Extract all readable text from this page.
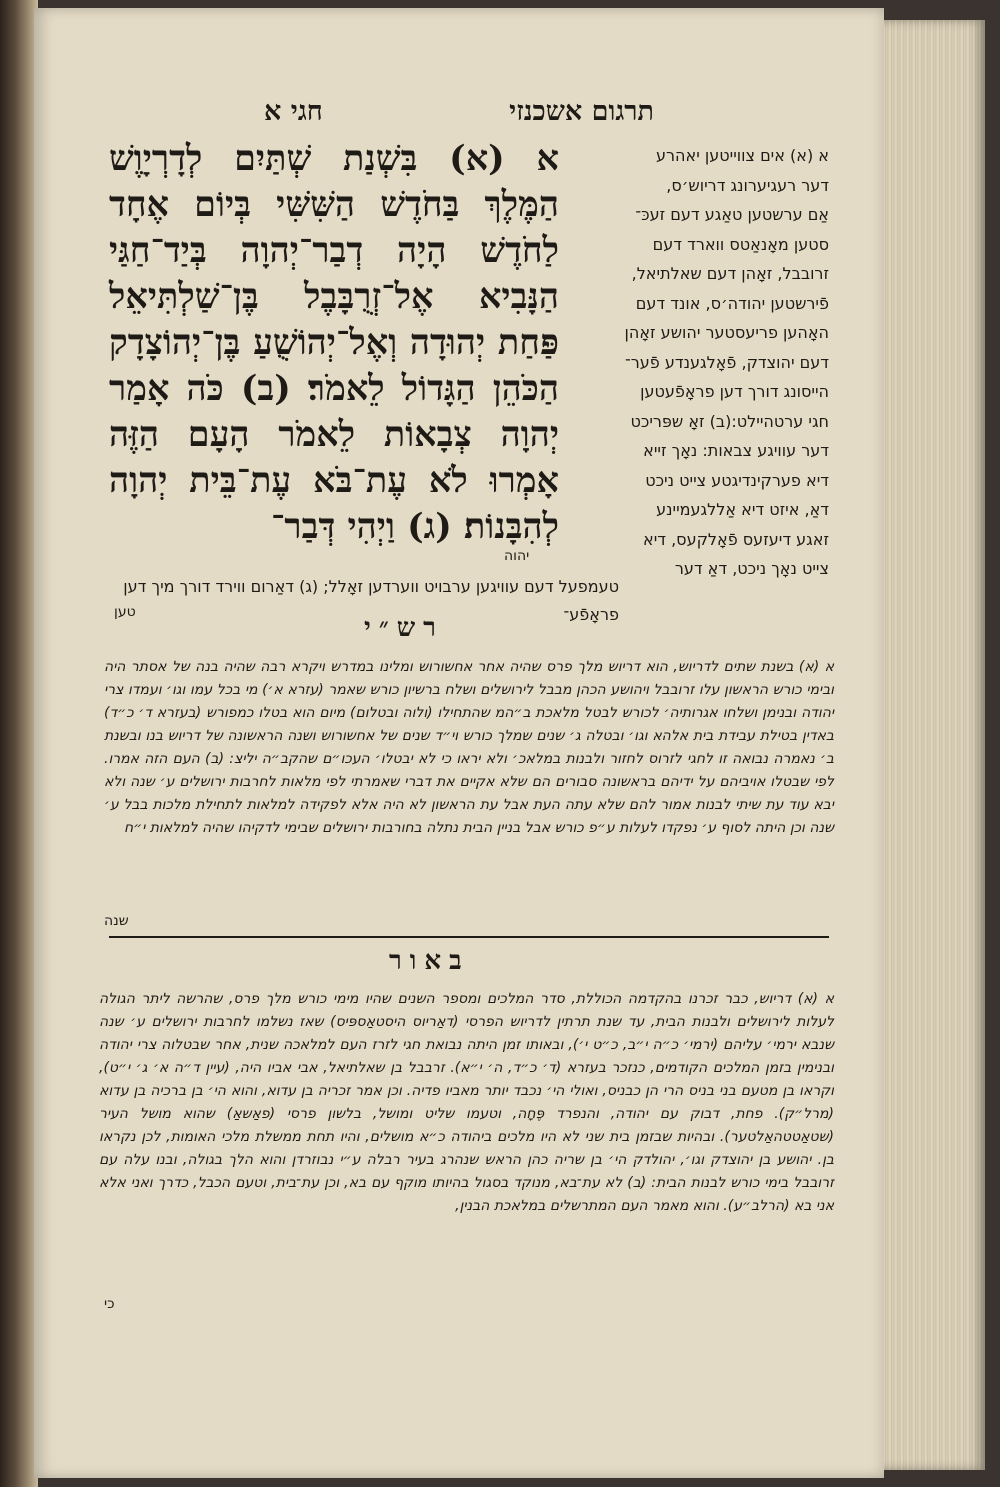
תרגום אשכנזי
חגי א
א (א) בִּשְׁנַת שְׁתַּיִם לְדָרְיָוֶשׁ הַמֶּלֶךְ בַּחֹדֶשׁ הַשִּׁשִּׁי בְּיוֹם אֶחָד לַחֹדֶשׁ הָיָה דְבַר־יְהוָה בְּיַד־חַגַּי הַנָּבִיא אֶל־זְרֻבָּבֶל בֶּן־שַׁלְתִּיאֵל פַּחַת יְהוּדָה וְאֶל־יְהוֹשֻׁעַ בֶּן־יְהוֹצָדָק הַכֹּהֵן הַגָּדוֹל לֵאמֹר׃ (ב) כֹּה אָמַר יְהוָה צְבָאוֹת לֵאמֹר הָעָם הַזֶּה אָמְרוּ לֹא עֶת־בֹּא עֶת־בֵּית יְהוָה לְהִבָּנוֹת׃ (ג) וַיְהִי דְּבַר־
יהוה
א (א) אים צווייטען יאהרע
דער רעגיערונג דריוש׳ס,
אַם ערשטען טאַגע דעם זעכּ־
סטען מאָנאַטס ווארד דעם
זרובבל, זאָהן דעם שאלתיאל,
פֿירשטען יהודה׳ס, אונד דעם
האָהען פריעסטער יהושע זאָהן
דעם יהוצדק, פֿאָלגענדע פֿער־
הייסונג דורך דען פראָפֿעטען
חגי ערטהיילט:(ב) זאָ שפּריכט
דער עוויגע צבאות: נאָך זייא
דיא פערקינדיגטע צייט ניכט
דאַ, איזט דיא אַללגעמיינע
זאגע דיעזעס פֿאָלקעס, דיא
צייט נאָך ניכט, דאַ דער
טעמפעל דעם עוויגען ערבויט ווערדען זאָלל; (ג) דאַרום ווירד דורך מיך דען פראָפֿע־
טען
רש״י
א (א) בשנת שתים לדריוש, הוא דריוש מלך פרס שהיה אחר אחשורוש ומלינו במדרש ויקרא רבה שהיה בנה של אסתר היה ובימי כורש הראשון עלו זרובבל ויהושע הכהן מבבל לירושלים ושלח ברשיון כורש שאמר (עזרא א׳) מי בכל עמו וגו׳ ועמדו צרי יהודה ובנימן ושלחו אגרותיה׳ לכורש לבטל מלאכת ב״המ שהתחילו (ולוה ובטלום) מיום הוא בטלו כמפורש (בעזרא ד׳ כ״ד) באדין בטילת עבידת בית אלהא וגו׳ ובטלה ג׳ שנים שמלך כורש וי״ד שנים של אחשורוש ושנה הראשונה של דריוש בנו ובשנת ב׳ נאמרה נבואה זו לחגי לזרוס לחזור ולבנות במלאכ׳ ולא יראו כי לא יבטלו׳ העכו״ם שהקב״ה יליצ: (ב) העם הזה אמרו. לפי שבטלו אויביהם על ידיהם בראשונה סבורים הם שלא אקיים את דברי שאמרתי לפי מלאות לחרבות ירושלים ע׳ שנה ולא יבא עוד עת שיתי לבנות אמור להם שלא עתה העת אבל עת הראשון לא היה אלא לפקידה למלאות לתחילת מלכות בבל ע׳ שנה וכן היתה לסוף ע׳ נפקדו לעלות ע״פ כורש אבל בניין הבית נתלה בחורבות ירושלים שבימי לדקיהו שהיה למלאות י״ח
שנה
באור
א (א) דריוש, כבר זכרנו בהקדמה הכוללת, סדר המלכים ומספר השנים שהיו מימי כורש מלך פרס, שהרשה ליתר הגולה לעלות לירושלים ולבנות הבית, עד שנת תרתין לדריוש הפרסי (דאַריוס היסטאַספּיס) שאז נשלמו לחרבות ירושלים ע׳ שנה שנבא ירמי׳ עליהם (ירמי׳ כ״ה י״ב, כ״ט י׳), ובאותו זמן היתה נבואת חגי לזרז העם למלאכה שנית, אחר שבטלוה צרי יהודה ובנימין בזמן המלכים הקודמים, כנזכר בעזרא (ד׳ כ״ד, ה׳ י״א). זרבבל בן שאלתיאל, אבי אביו היה, (עיין ד״ה א׳ ג׳ י״ט), וקראו בן מטעם בני בניס הרי הן כבניס, ואולי הי׳ נכבד יותר מאביו פדיה. וכן אמר זכריה בן עדוא, והוא הי׳ בן ברכיה בן עדוא (מרל״ק). פחת, דבוק עם יהודה, והנפרד פֶּחָה, וטעמו שליט ומושל, בלשון פרסי (פאַשאַ) שהוא מושל העיר (שטאַטטהאַלטער). ובהיות שבזמן בית שני לא היו מלכים ביהודה כ״א מושלים, והיו תחת ממשלת מלכי האומות, לכן נקראו בן. יהושע בן יהוצדק וגו׳, יהולדק הי׳ בן שריה כהן הראש שנהרג בעיר רבלה ע״י נבוזרדן והוא הלך בגולה, ובנו עלה עם זרובבל בימי כורש לבנות הבית: (ב) לא עת־בא, מנוקד בסגול בהיותו מוקף עם בא, וכן עת־בית, וטעם הכבל, כדרך ואני אלא אני בא (הרלב״ע). והוא מאמר העם המתרשלים במלאכת הבנין,
כי
